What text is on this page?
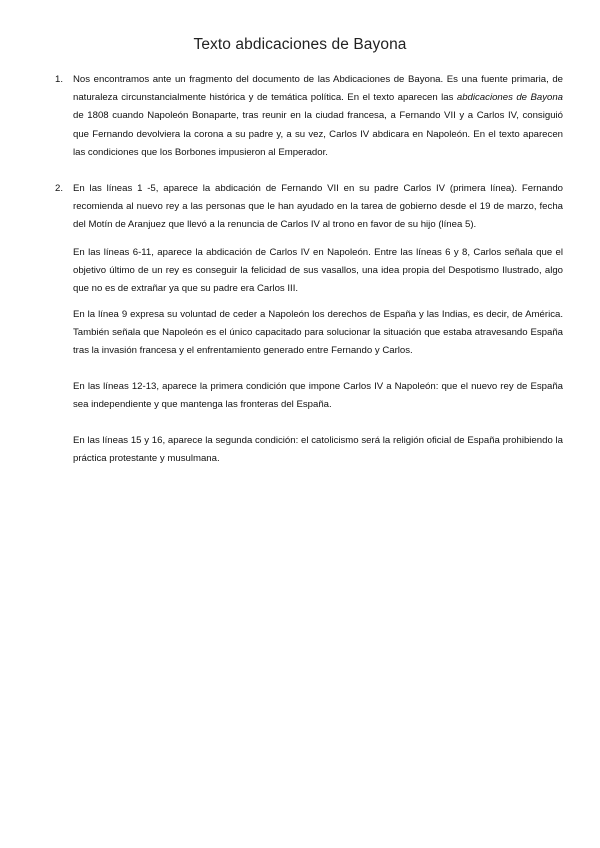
Texto abdicaciones de Bayona
1. Nos encontramos ante un fragmento del documento de las Abdicaciones de Bayona. Es una fuente primaria, de naturaleza circunstancialmente histórica y de temática política. En el texto aparecen las abdicaciones de Bayona de 1808 cuando Napoleón Bonaparte, tras reunir en la ciudad francesa, a Fernando VII y a Carlos IV, consiguió que Fernando devolviera la corona a su padre y, a su vez, Carlos IV abdicara en Napoleón. En el texto aparecen las condiciones que los Borbones impusieron al Emperador.

2. En las líneas 1 -5, aparece la abdicación de Fernando VII en su padre Carlos IV (primera línea). Fernando recomienda al nuevo rey a las personas que le han ayudado en la tarea de gobierno desde el 19 de marzo, fecha del Motín de Aranjuez que llevó a la renuncia de Carlos IV al trono en favor de su hijo (línea 5).

En las líneas 6-11, aparece la abdicación de Carlos IV en Napoleón. Entre las líneas 6 y 8, Carlos señala que el objetivo último de un rey es conseguir la felicidad de sus vasallos, una idea propia del Despotismo Ilustrado, algo que no es de extrañar ya que su padre era Carlos III.

En la línea 9 expresa su voluntad de ceder a Napoleón los derechos de España y las Indias, es decir, de América. También señala que Napoleón es el único capacitado para solucionar la situación que estaba atravesando España tras la invasión francesa y el enfrentamiento generado entre Fernando y Carlos.

En las líneas 12-13, aparece la primera condición que impone Carlos IV a Napoleón: que el nuevo rey de España sea independiente y que mantenga las fronteras del España.

En las líneas 15 y 16, aparece la segunda condición: el catolicismo será la religión oficial de España prohibiendo la práctica protestante y musulmana.
